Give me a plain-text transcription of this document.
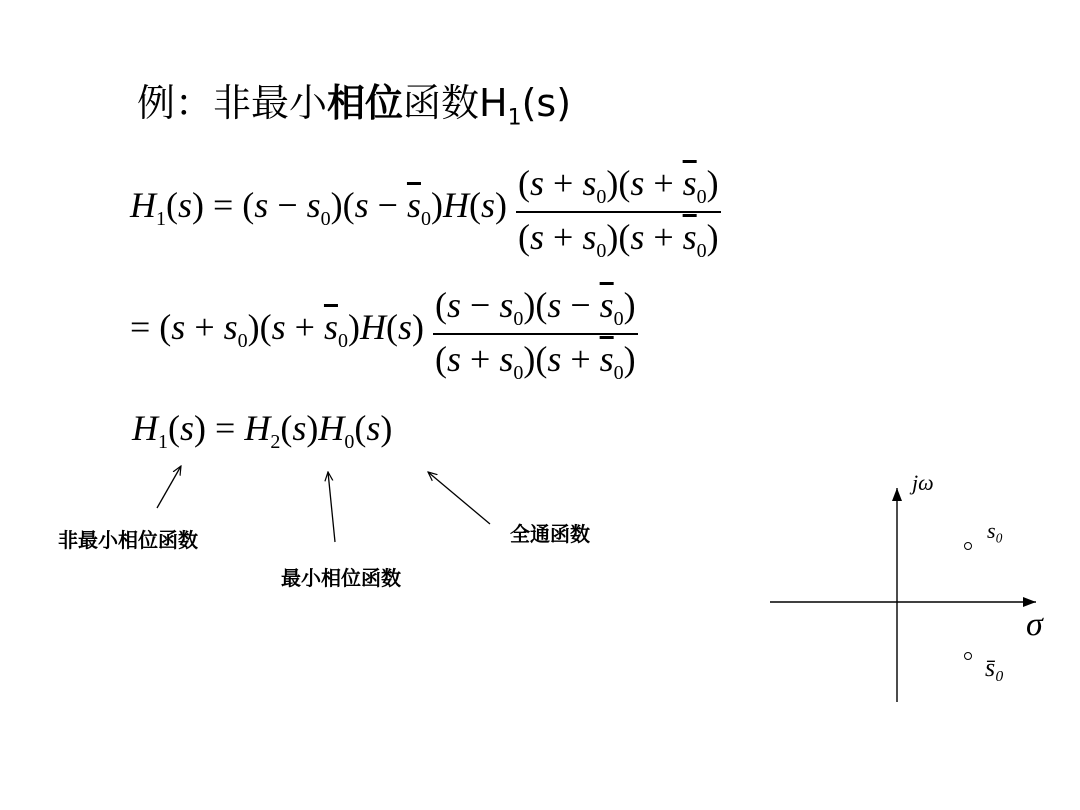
例：非最小相位函数$H_1(s)$
$H_1(s) = (s - s_0)(s - \overline{s}_0)H(s) \frac{(s + s_0)(s + \overline{s}_0)}{(s + s_0)(s + \overline{s}_0)}$
= $(s + s_0)(s + \overline{s}_0)H(s) \frac{(s - s_0)(s - \overline{s}_0)}{(s + s_0)(s + \overline{s}_0)}$
$H_1(s) = H_2(s)H_0(s)$
非最小相位函数
最小相位函数
全通函数
jω
σ
s₀
s̄₀
